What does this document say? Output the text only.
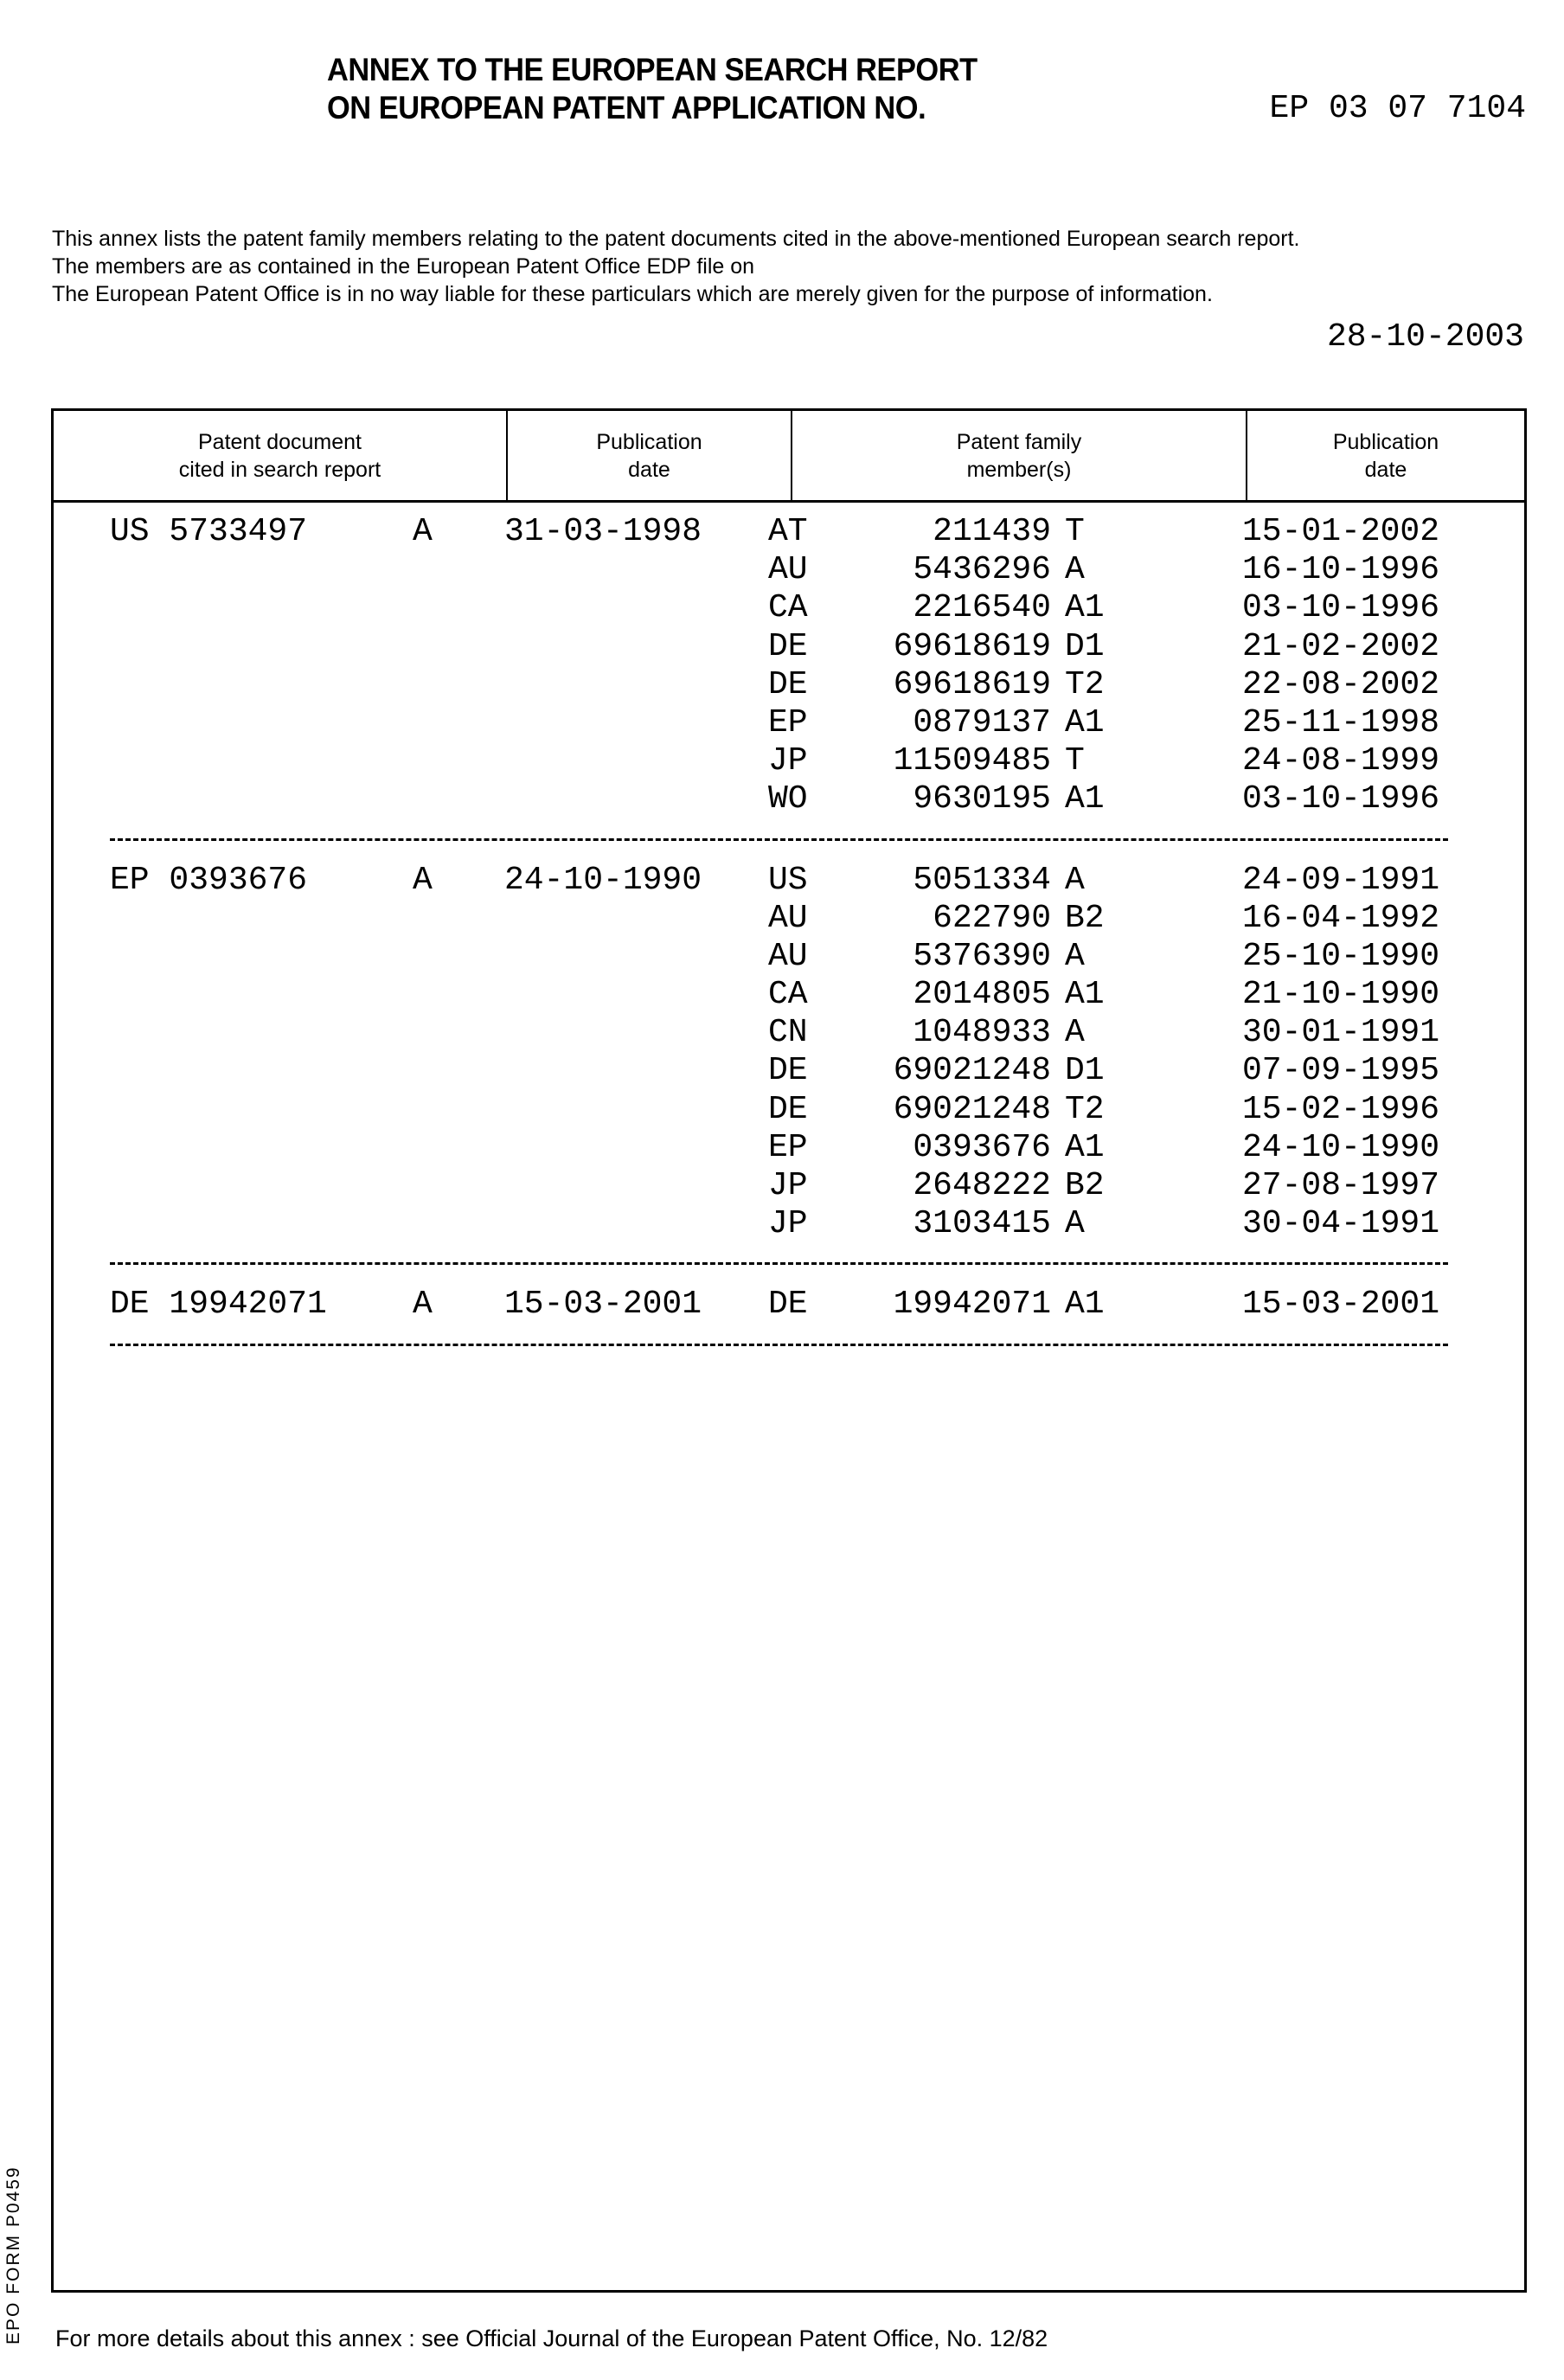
ANNEX TO THE EUROPEAN SEARCH REPORT
ON EUROPEAN PATENT APPLICATION NO.	EP 03 07 7104
This annex lists the patent family members relating to the patent documents cited in the above-mentioned European search report.
The members are as contained in the European Patent Office EDP file on
The European Patent Office is in no way liable for these particulars which are merely given for the purpose of information.
28-10-2003
Patent document
cited in search report
Publication
date
Patent family
member(s)
Publication
date
US 5733497	A 31-03-1998 AT	211439 T	15-01-2002
AU	5436296 A	16-10-1996
CA	2216540 A1	03-10-1996
DE	69618619 D1	21-02-2002
DE	69618619 T2	22-08-2002
EP	0879137 A1	25-11-1998
JP	11509485 T	24-08-1999
WO	9630195 A1	03-10-1996
EP 0393676	A 24-10-1990 US	5051334 A	24-09-1991
AU	622790 B2	16-04-1992
AU	5376390 A	25-10-1990
CA	2014805 A1	21-10-1990
CN	1048933 A	30-01-1991
DE	69021248 D1	07-09-1995
DE	69021248 T2	15-02-1996
EP	0393676 A1	24-10-1990
JP	2648222 B2	27-08-1997
JP	3103415 A	30-04-1991
DE 19942071	A 15-03-2001 DE	19942071 A1	15-03-2001
EPO FORM P0459 For more details about this annex : see Official Journal of the European Patent Office, No. 12/82
